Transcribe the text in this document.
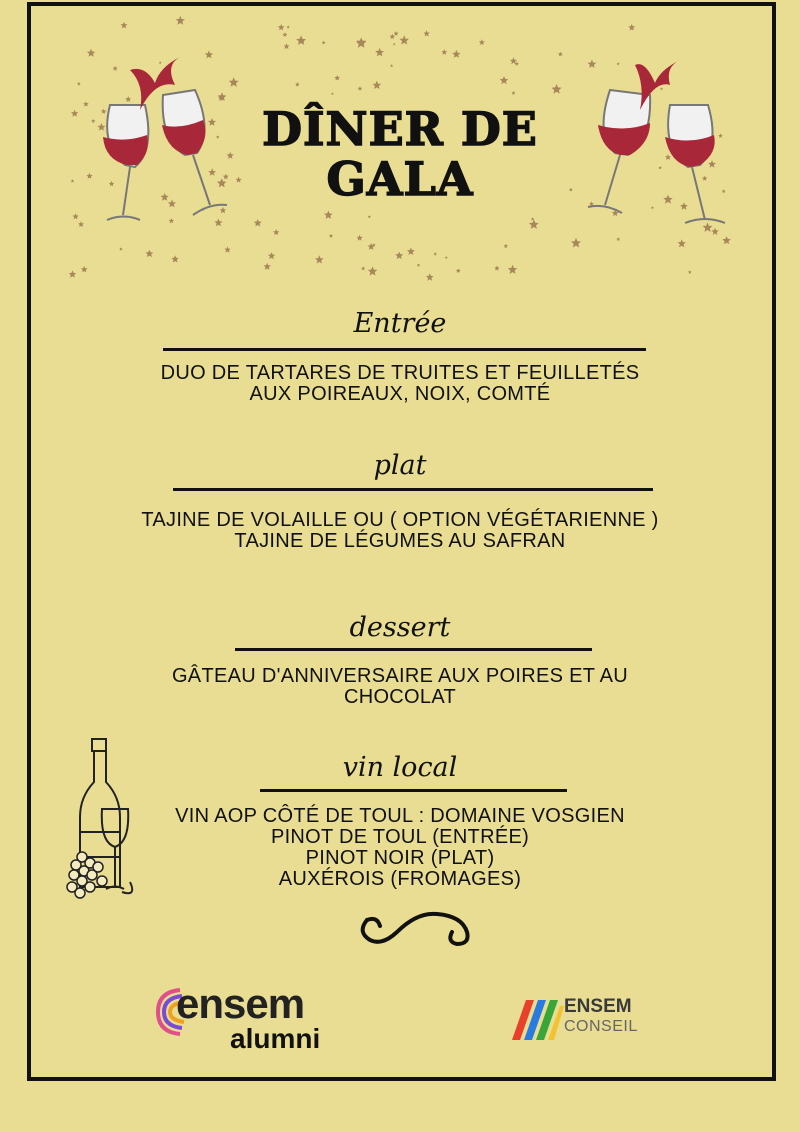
DÎNER DE GALA
Entrée
DUO DE TARTARES DE TRUITES ET FEUILLETÉS
AUX POIREAUX, NOIX, COMTÉ
plat
TAJINE DE VOLAILLE OU ( OPTION VÉGÉTARIENNE )
TAJINE DE LÉGUMES AU SAFRAN
dessert
GÂTEAU D'ANNIVERSAIRE AUX POIRES ET AU
CHOCOLAT
vin local
VIN AOP CÔTÉ DE TOUL : DOMAINE VOSGIEN
PINOT DE TOUL (ENTRÉE)
PINOT NOIR (PLAT)
AUXÉROIS (FROMAGES)
ensem
alumni
ENSEM
CONSEIL
